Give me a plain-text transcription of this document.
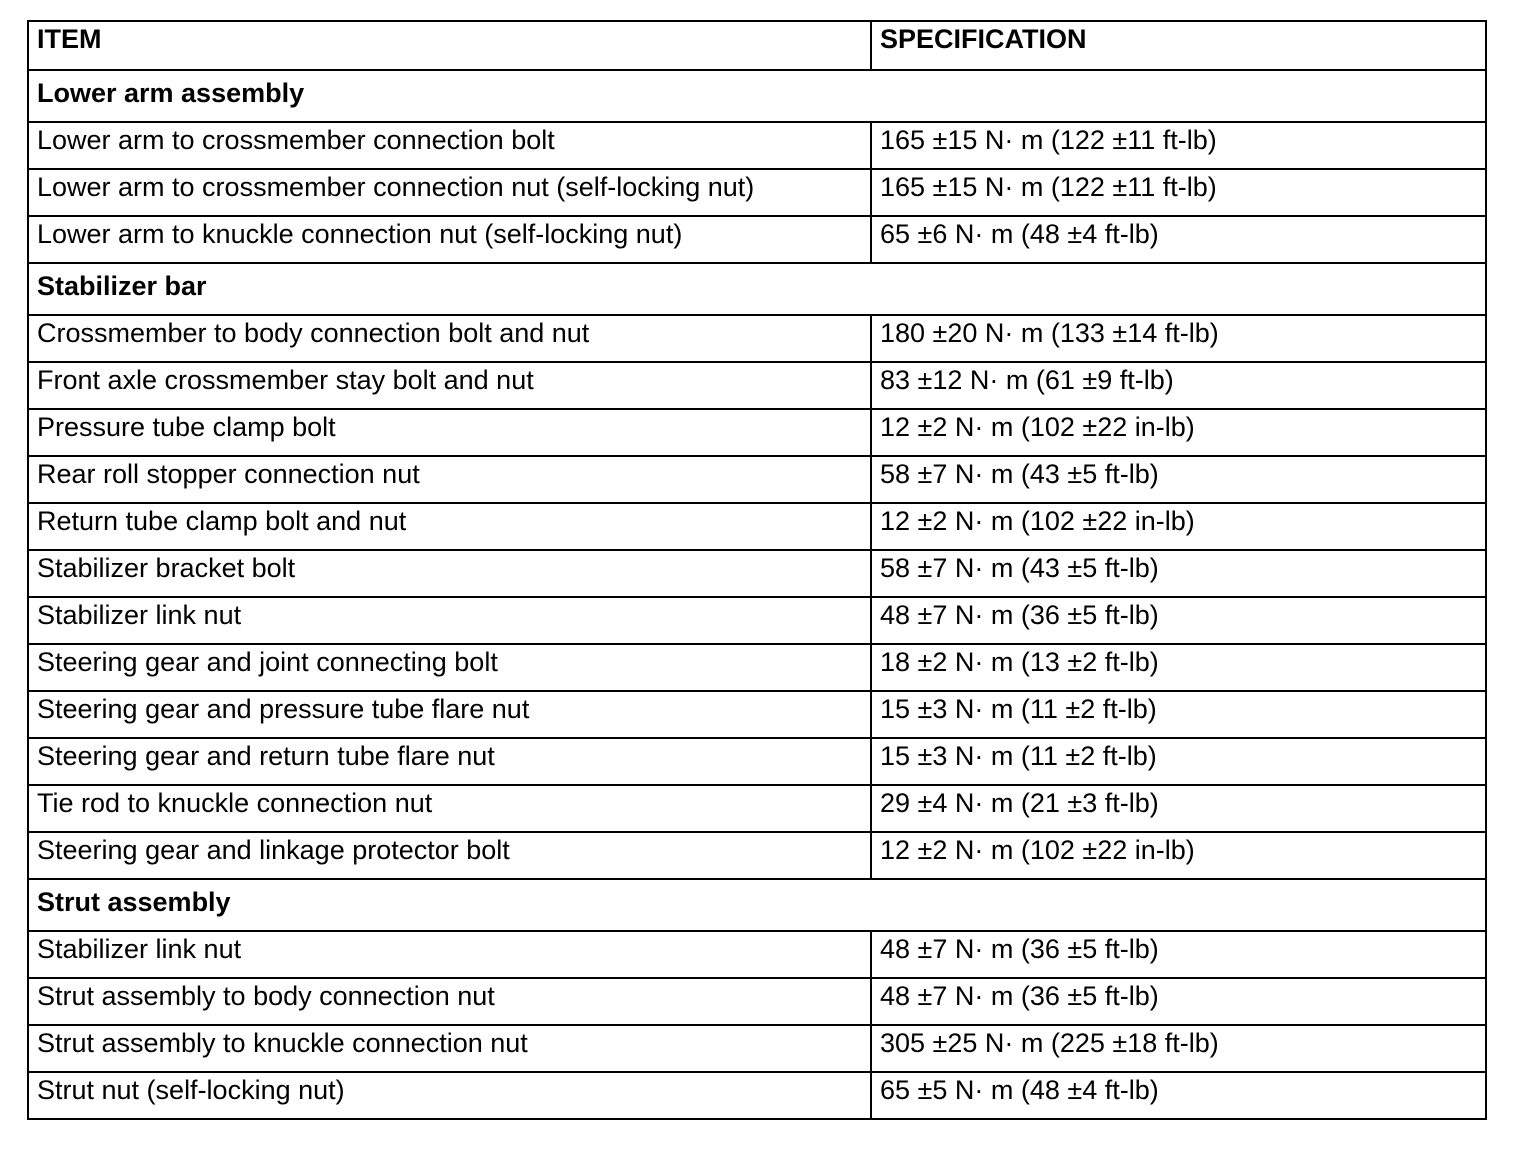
ITEM	SPECIFICATION
Lower arm assembly	
Lower arm to crossmember connection bolt	165 ±15 N· m (122 ±11 ft-lb)
Lower arm to crossmember connection nut (self-locking nut)	165 ±15 N· m (122 ±11 ft-lb)
Lower arm to knuckle connection nut (self-locking nut)	65 ±6 N· m (48 ±4 ft-lb)
Stabilizer bar	
Crossmember to body connection bolt and nut	180 ±20 N· m (133 ±14 ft-lb)
Front axle crossmember stay bolt and nut	83 ±12 N· m (61 ±9 ft-lb)
Pressure tube clamp bolt	12 ±2 N· m (102 ±22 in-lb)
Rear roll stopper connection nut	58 ±7 N· m (43 ±5 ft-lb)
Return tube clamp bolt and nut	12 ±2 N· m (102 ±22 in-lb)
Stabilizer bracket bolt	58 ±7 N· m (43 ±5 ft-lb)
Stabilizer link nut	48 ±7 N· m (36 ±5 ft-lb)
Steering gear and joint connecting bolt	18 ±2 N· m (13 ±2 ft-lb)
Steering gear and pressure tube flare nut	15 ±3 N· m (11 ±2 ft-lb)
Steering gear and return tube flare nut	15 ±3 N· m (11 ±2 ft-lb)
Tie rod to knuckle connection nut	29 ±4 N· m (21 ±3 ft-lb)
Steering gear and linkage protector bolt	12 ±2 N· m (102 ±22 in-lb)
Strut assembly	
Stabilizer link nut	48 ±7 N· m (36 ±5 ft-lb)
Strut assembly to body connection nut	48 ±7 N· m (36 ±5 ft-lb)
Strut assembly to knuckle connection nut	305 ±25 N· m (225 ±18 ft-lb)
Strut nut (self-locking nut)	65 ±5 N· m (48 ±4 ft-lb)
